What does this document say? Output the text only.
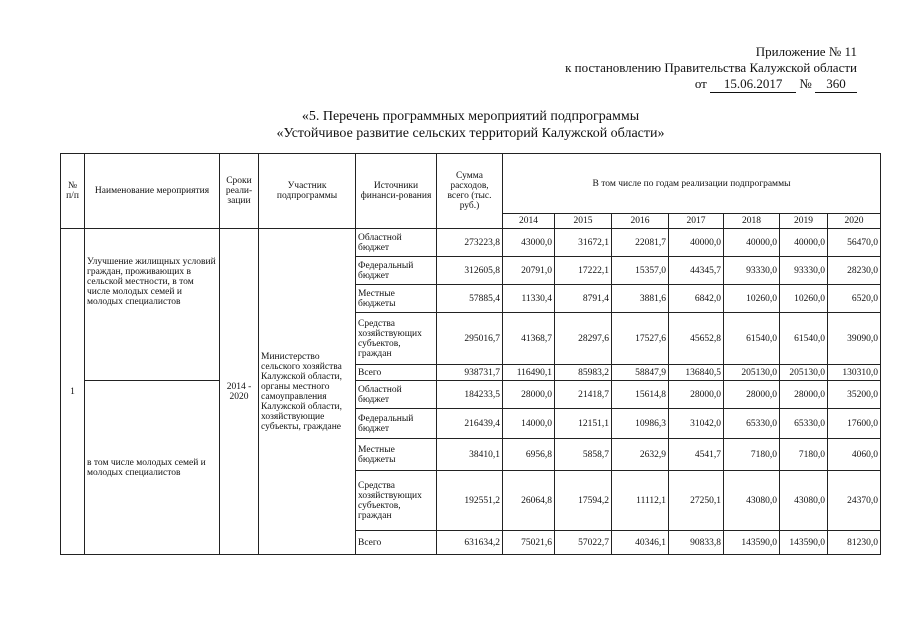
Приложение № 11
к постановлению Правительства Калужской области
от 15.06.2017 № 360
«5. Перечень программных мероприятий подпрограммы
«Устойчивое развитие сельских территорий Калужской области»
№ п/п	Наименование мероприятия	Сроки реали-зации	Участник подпрограммы	Источники финанси-рования	Сумма расходов, всего (тыс. руб.)	В том числе по годам реализации подпрограммы						
						2014	2015	2016	2017	2018	2019	2020
1	Улучшение жилищных условий граждан, проживающих в сельской местности, в том числе молодых семей и молодых специалистов	2014 - 2020	Министерство сельского хозяйства Калужской области, органы местного самоуправления Калужской области, хозяйствующие субъекты, граждане	Областной бюджет	273223,8	43000,0	31672,1	22081,7	40000,0	40000,0	40000,0	56470,0
				Федеральный бюджет	312605,8	20791,0	17222,1	15357,0	44345,7	93330,0	93330,0	28230,0
				Местные бюджеты	57885,4	11330,4	8791,4	3881,6	6842,0	10260,0	10260,0	6520,0
				Средства хозяйствующих субъектов, граждан	295016,7	41368,7	28297,6	17527,6	45652,8	61540,0	61540,0	39090,0
				Всего	938731,7	116490,1	85983,2	58847,9	136840,5	205130,0	205130,0	130310,0
	в том числе молодых семей и молодых специалистов			Областной бюджет	184233,5	28000,0	21418,7	15614,8	28000,0	28000,0	28000,0	35200,0
				Федеральный бюджет	216439,4	14000,0	12151,1	10986,3	31042,0	65330,0	65330,0	17600,0
				Местные бюджеты	38410,1	6956,8	5858,7	2632,9	4541,7	7180,0	7180,0	4060,0
				Средства хозяйствующих субъектов, граждан	192551,2	26064,8	17594,2	11112,1	27250,1	43080,0	43080,0	24370,0
				Всего	631634,2	75021,6	57022,7	40346,1	90833,8	143590,0	143590,0	81230,0
